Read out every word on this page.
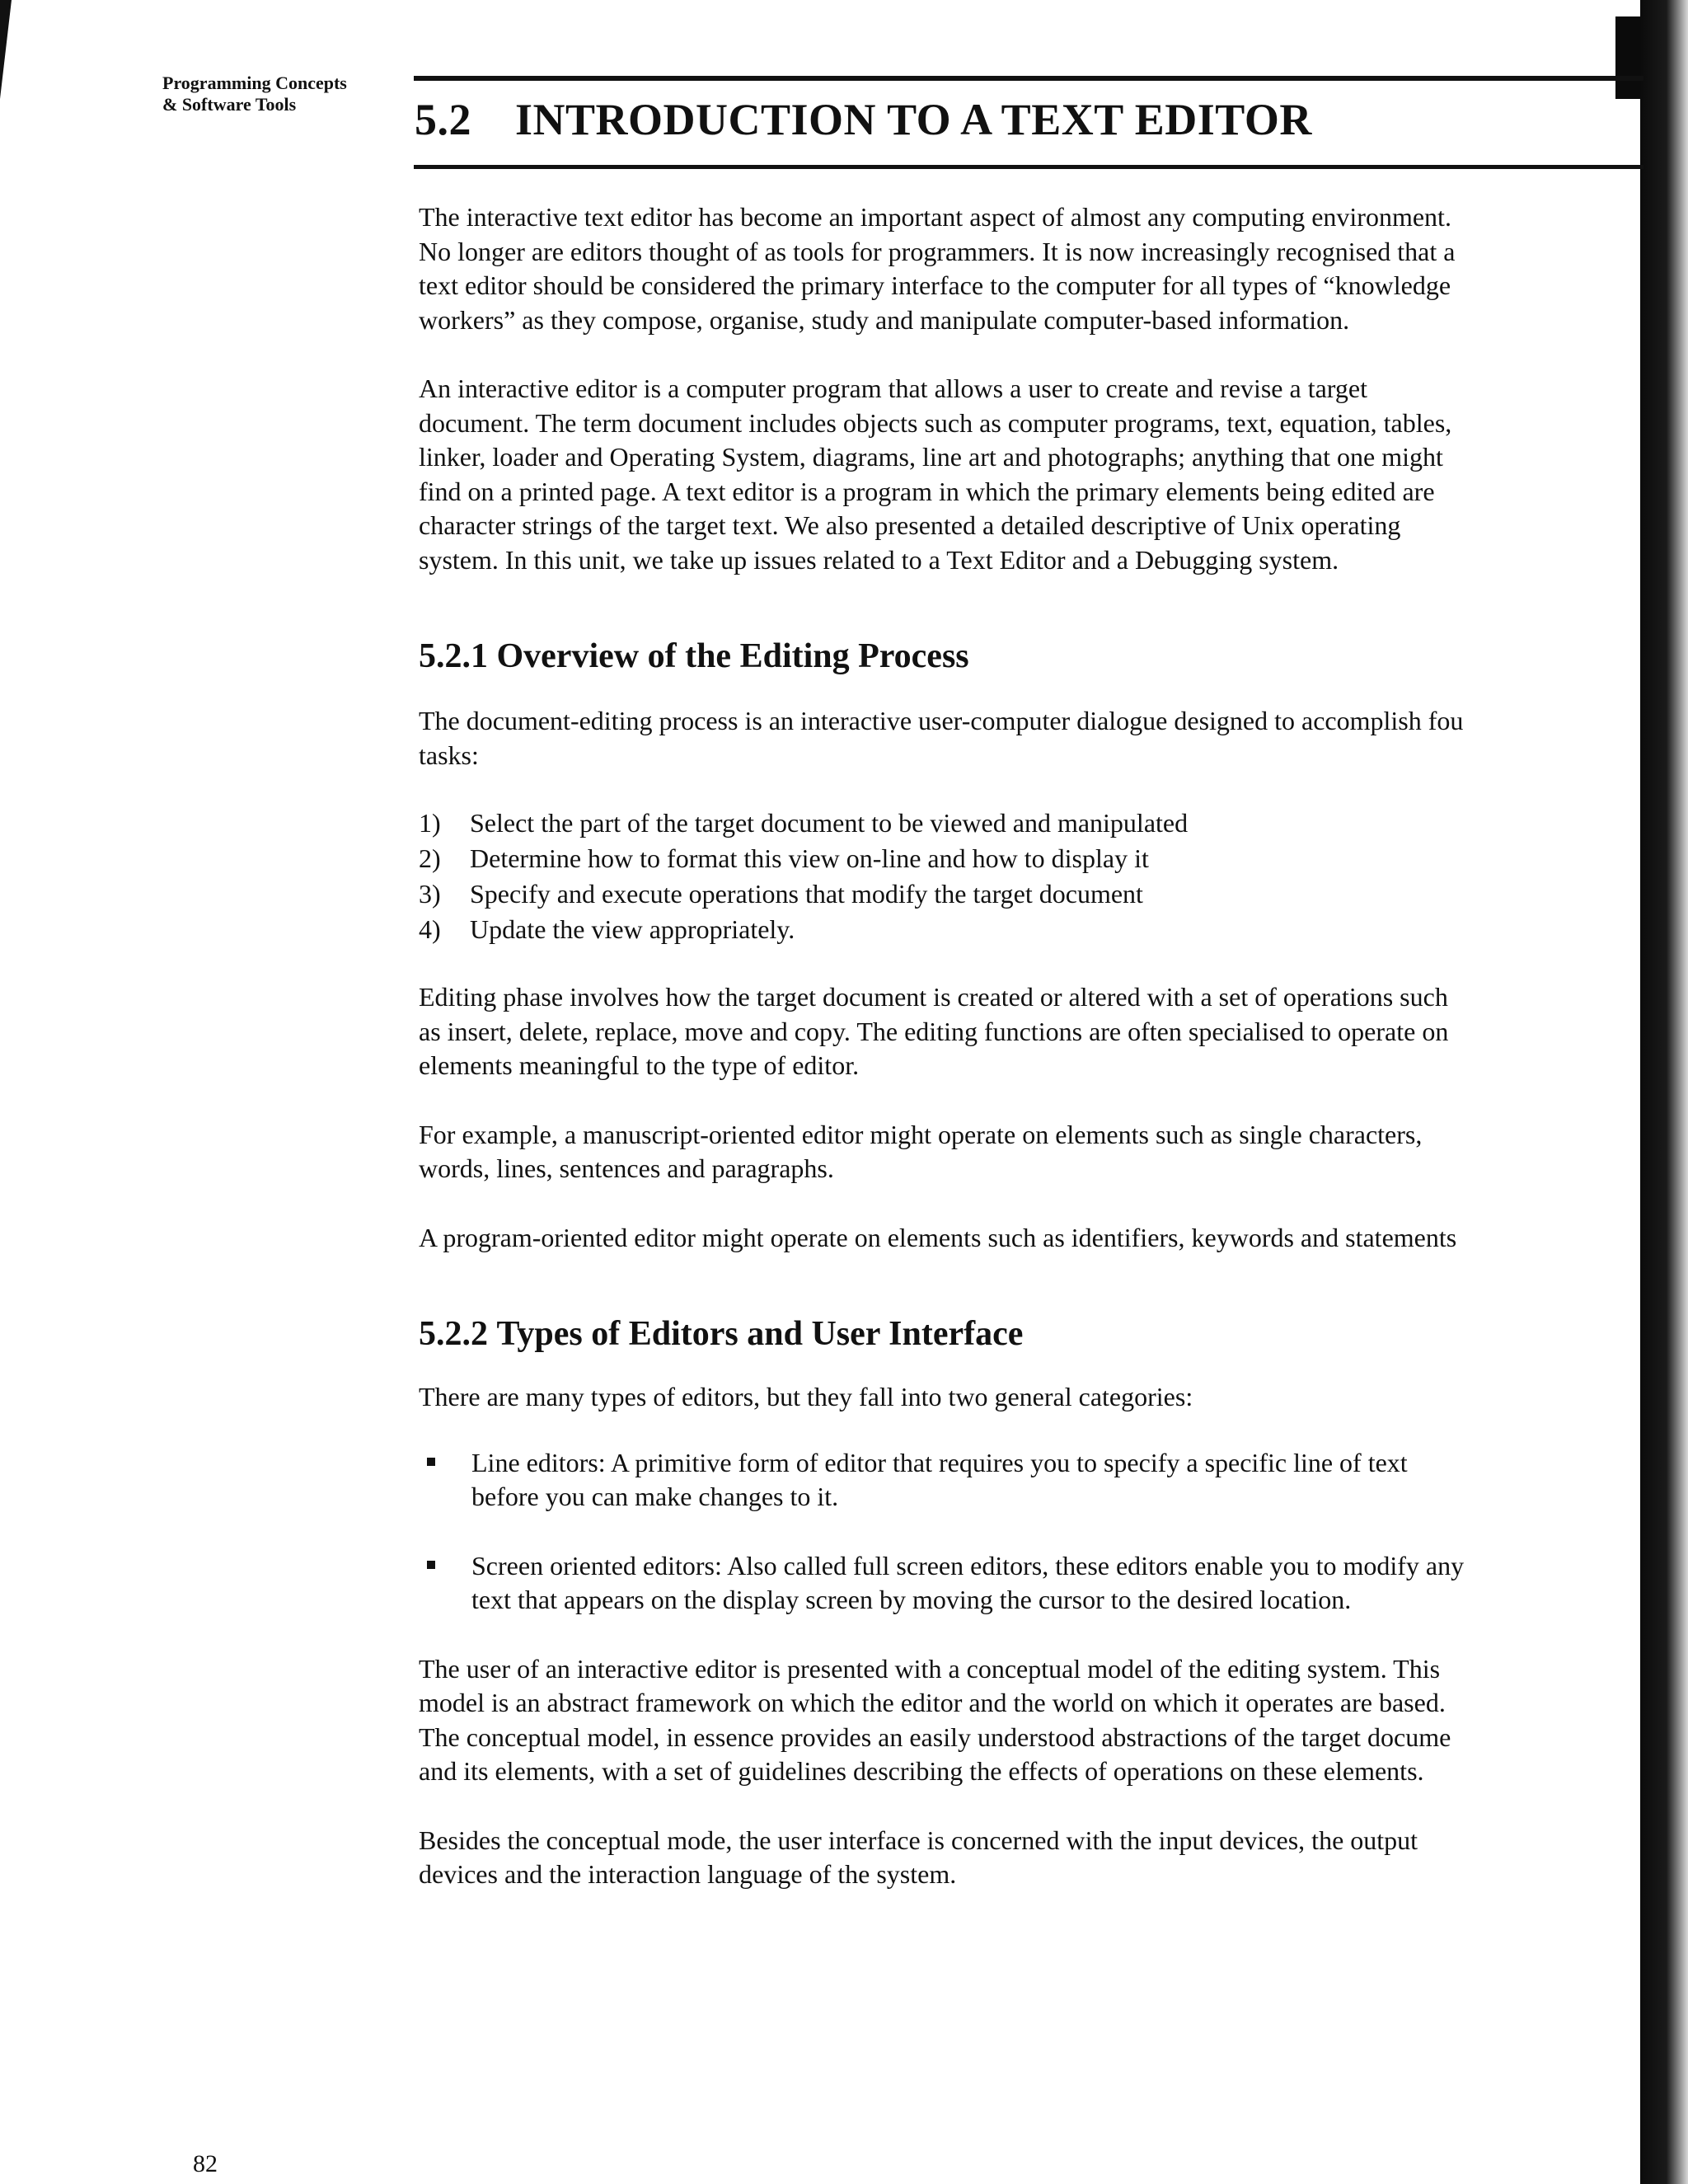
Programming Concepts
& Software Tools	5.2 INTRODUCTION TO A TEXT EDITOR

The interactive text editor has become an important aspect of almost any computing environment.
No longer are editors thought of as tools for programmers. It is now increasingly recognised that a
text editor should be considered the primary interface to the computer for all types of “knowledge
workers” as they compose, organise, study and manipulate computer-based information.

An interactive editor is a computer program that allows a user to create and revise a target
document. The term document includes objects such as computer programs, text, equation, tables,
linker, loader and Operating System, diagrams, line art and photographs; anything that one might
find on a printed page. A text editor is a program in which the primary elements being edited are
character strings of the target text. We also presented a detailed descriptive of Unix operating
system. In this unit, we take up issues related to a Text Editor and a Debugging system.

5.2.1 Overview of the Editing Process

The document-editing process is an interactive user-computer dialogue designed to accomplish fou
tasks:

1) Select the part of the target document to be viewed and manipulated
2) Determine how to format this view on-line and how to display it
3) Specify and execute operations that modify the target document
4) Update the view appropriately.

Editing phase involves how the target document is created or altered with a set of operations such
as insert, delete, replace, move and copy. The editing functions are often specialised to operate on
elements meaningful to the type of editor.

For example, a manuscript-oriented editor might operate on elements such as single characters,
words, lines, sentences and paragraphs.

A program-oriented editor might operate on elements such as identifiers, keywords and statements

5.2.2 Types of Editors and User Interface

There are many types of editors, but they fall into two general categories:

Line editors: A primitive form of editor that requires you to specify a specific line of text
before you can make changes to it.
Screen oriented editors: Also called full screen editors, these editors enable you to modify any
text that appears on the display screen by moving the cursor to the desired location.

The user of an interactive editor is presented with a conceptual model of the editing system. This
model is an abstract framework on which the editor and the world on which it operates are based.
The conceptual model, in essence provides an easily understood abstractions of the target docume
and its elements, with a set of guidelines describing the effects of operations on these elements.

Besides the conceptual mode, the user interface is concerned with the input devices, the output
devices and the interaction language of the system.

82
